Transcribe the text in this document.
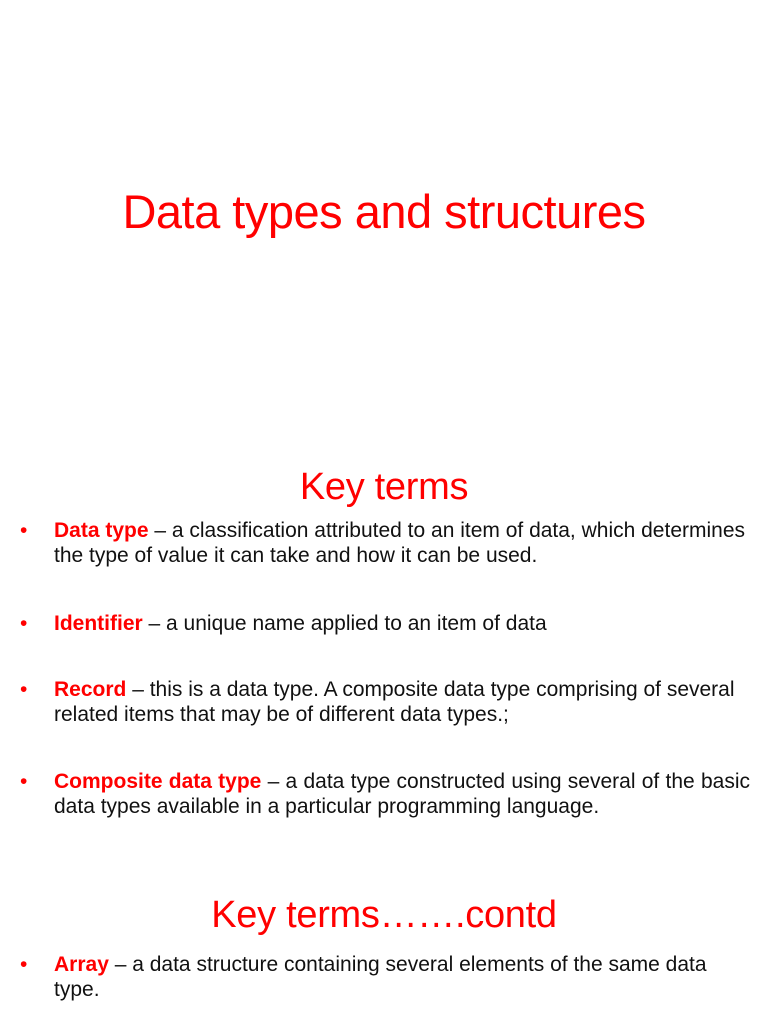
Data types and structures
Key terms
•	Data type – a classification attributed to an item of data, which determines the type of value it can take and how it can be used.
•	Identifier – a unique name applied to an item of data
•	Record – this is a data type. A composite data type comprising of several related items that may be of different data types.;
•	Composite data type – a data type constructed using several of the basic data types available in a particular programming language.
Key terms…….contd
•	Array – a data structure containing several elements of the same data type.
